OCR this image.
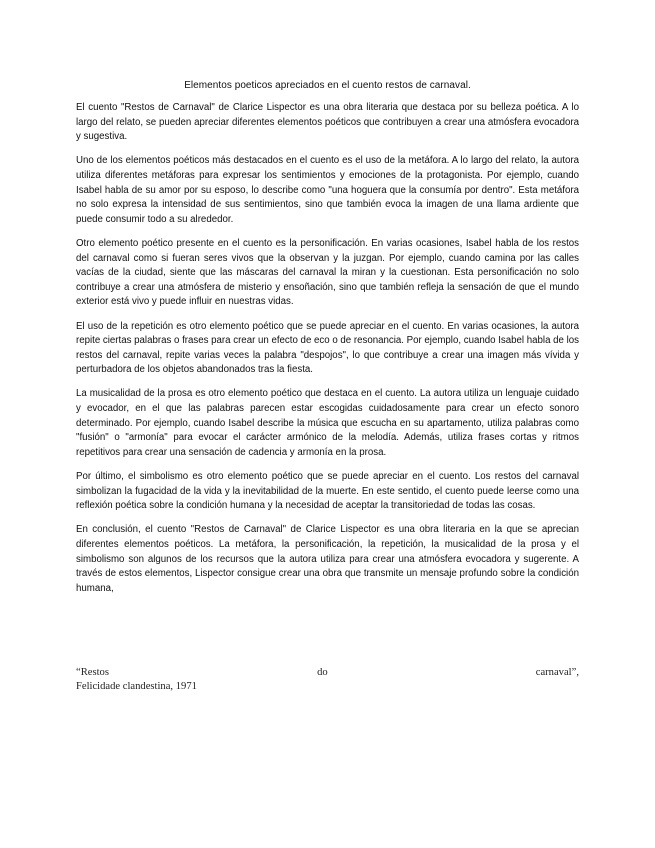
Elementos poeticos apreciados en el cuento restos de carnaval.

El cuento "Restos de Carnaval" de Clarice Lispector es una obra literaria que destaca por su belleza poética. A lo largo del relato, se pueden apreciar diferentes elementos poéticos que contribuyen a crear una atmósfera evocadora y sugestiva.

Uno de los elementos poéticos más destacados en el cuento es el uso de la metáfora. A lo largo del relato, la autora utiliza diferentes metáforas para expresar los sentimientos y emociones de la protagonista. Por ejemplo, cuando Isabel habla de su amor por su esposo, lo describe como "una hoguera que la consumía por dentro". Esta metáfora no solo expresa la intensidad de sus sentimientos, sino que también evoca la imagen de una llama ardiente que puede consumir todo a su alrededor.

Otro elemento poético presente en el cuento es la personificación. En varias ocasiones, Isabel habla de los restos del carnaval como si fueran seres vivos que la observan y la juzgan. Por ejemplo, cuando camina por las calles vacías de la ciudad, siente que las máscaras del carnaval la miran y la cuestionan. Esta personificación no solo contribuye a crear una atmósfera de misterio y ensoñación, sino que también refleja la sensación de que el mundo exterior está vivo y puede influir en nuestras vidas.

El uso de la repetición es otro elemento poético que se puede apreciar en el cuento. En varias ocasiones, la autora repite ciertas palabras o frases para crear un efecto de eco o de resonancia. Por ejemplo, cuando Isabel habla de los restos del carnaval, repite varias veces la palabra "despojos", lo que contribuye a crear una imagen más vívida y perturbadora de los objetos abandonados tras la fiesta.

La musicalidad de la prosa es otro elemento poético que destaca en el cuento. La autora utiliza un lenguaje cuidado y evocador, en el que las palabras parecen estar escogidas cuidadosamente para crear un efecto sonoro determinado. Por ejemplo, cuando Isabel describe la música que escucha en su apartamento, utiliza palabras como "fusión" o "armonía" para evocar el carácter armónico de la melodía. Además, utiliza frases cortas y ritmos repetitivos para crear una sensación de cadencia y armonía en la prosa.

Por último, el simbolismo es otro elemento poético que se puede apreciar en el cuento. Los restos del carnaval simbolizan la fugacidad de la vida y la inevitabilidad de la muerte. En este sentido, el cuento puede leerse como una reflexión poética sobre la condición humana y la necesidad de aceptar la transitoriedad de todas las cosas.

En conclusión, el cuento "Restos de Carnaval" de Clarice Lispector es una obra literaria en la que se aprecian diferentes elementos poéticos. La metáfora, la personificación, la repetición, la musicalidad de la prosa y el simbolismo son algunos de los recursos que la autora utiliza para crear una atmósfera evocadora y sugerente. A través de estos elementos, Lispector consigue crear una obra que transmite un mensaje profundo sobre la condición humana,

“Restos	do	carnaval”,
Felicidade clandestina, 1971
